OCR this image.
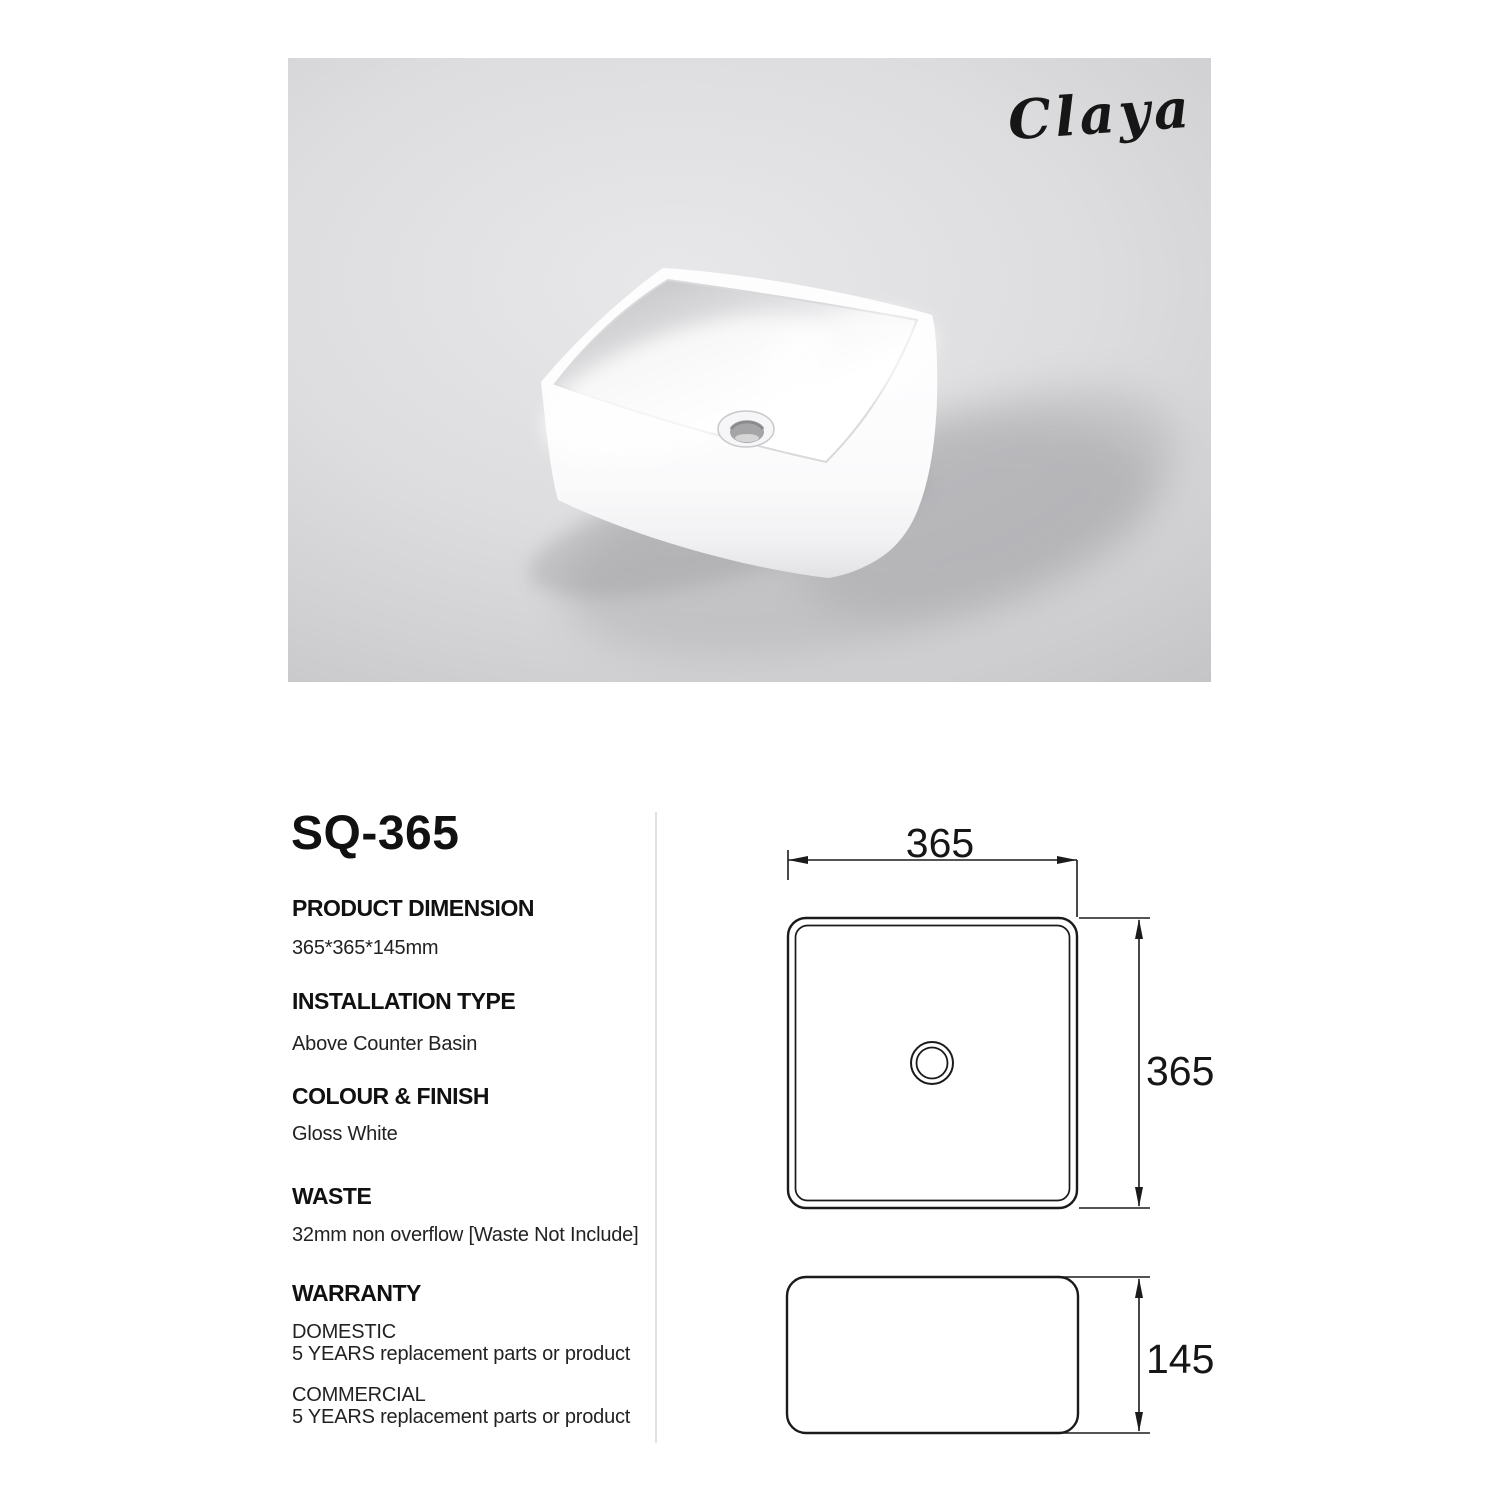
Claya
SQ-365
PRODUCT DIMENSION
365*365*145mm
INSTALLATION TYPE
Above Counter Basin
COLOUR & FINISH
Gloss White
WASTE
32mm non overflow [Waste Not Include]
WARRANTY
DOMESTIC
5 YEARS replacement parts or product
COMMERCIAL
5 YEARS replacement parts or product
365
365
145
